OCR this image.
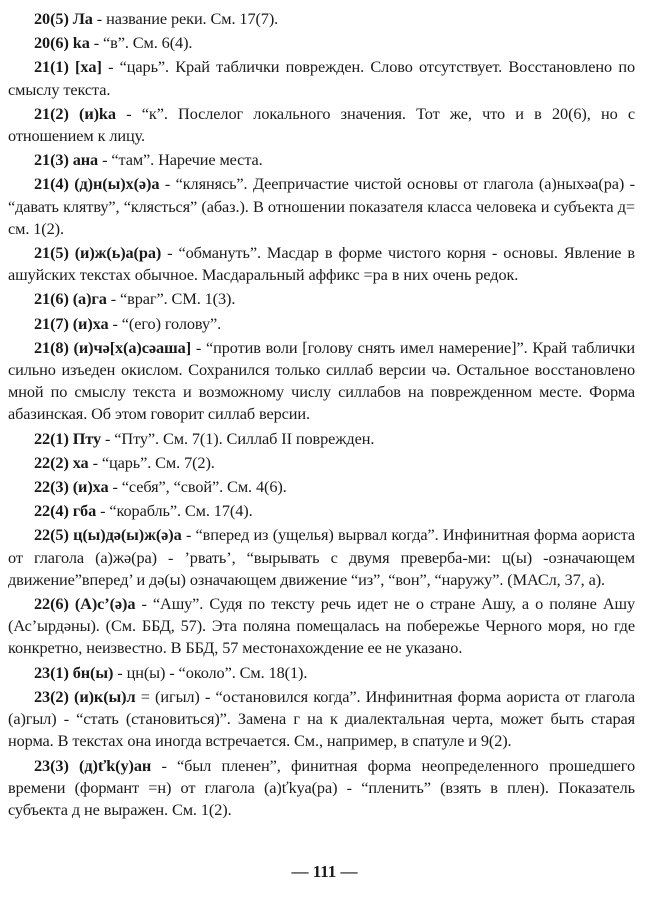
20(5) Ла - название реки. См. 17(7).

20(6) ka - “в”. См. 6(4).

21(1) [хa] - “царь”. Край таблички поврежден. Слово отсутствует. Восстановлено по смыслу текста.

21(2) (и)ka - “к”. Послелог локального значения. Тот же, что и в 20(6), но с отношением к лицу.

21(3) ана - “там”. Наречие места.

21(4) (д)н(ы)х(ә)а - “клянясь”. Деепричастие чистой основы от глагола (а)ныхәа(ра) - “давать клятву”, “клясться” (абаз.). В отношении показателя класса человека и субъекта д= см. 1(2).

21(5) (и)ж(ь)а(ра) - “обмануть”. Масдар в форме чистого корня - основы. Явление в ашуйских текстах обычное. Масдаральный аффикс =ра в них очень редок.

21(6) (а)га - “враг”. СМ. 1(3).

21(7) (и)ха - “(его) голову”.

21(8) (и)чә[х(а)сәаша] - “против воли [голову снять имел намерение]”. Край таблички сильно изъеден окислом. Сохранился только силлаб версии чә. Остальное восстановлено мной по смыслу текста и возможному числу силлабов на поврежденном месте. Форма абазинская. Об этом говорит силлаб версии.

22(1) Пту - “Пту”. См. 7(1). Силлаб II поврежден.

22(2) ха - “царь”. См. 7(2).

22(3) (и)ха - “себя”, “свой”. См. 4(6).

22(4) гба - “корабль”. См. 17(4).

22(5) ц(ы)дә(ы)ж(ә)а - “вперед из (ущелья) вырвал когда”. Инфинитная форма аориста от глагола (а)жә(ра) - ’рвать’, “вырывать с двумя преверба-ми: ц(ы) -означающем движение”вперед’ и дә(ы) означающем движение “из”, “вон”, “наружу”. (МАСл, 37, а).

22(6) (А)с’(ә)а - “Ашу”. Судя по тексту речь идет не о стране Ашу, а о поляне Ашу (Ас’ырдәны). (См. ББД, 57). Эта поляна помещалась на побережье Черного моря, но где конкретно, неизвестно. В ББД, 57 местонахождение ее не указано.

23(1) бн(ы) - цн(ы) - “около”. См. 18(1).

23(2) (и)к(ы)л = (игыл) - “остановился когда”. Инфинитная форма аориста от глагола (а)гыл) - “стать (становиться)”. Замена г на к диалектальная черта, может быть старая норма. В текстах она иногда встречается. См., например, в спатуле и 9(2).

23(3) (д)ťk(у)ан - “был пленен”, финитная форма неопределенного прошедшего времени (формант =н) от глагола (а)ťkуа(ра) - “пленить” (взять в плен). Показатель субъекта д не выражен. См. 1(2).

— 111 —
